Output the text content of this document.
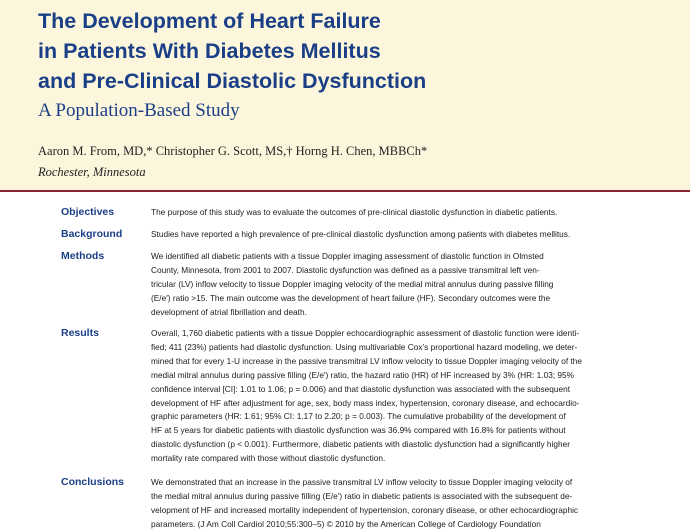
The Development of Heart Failure
in Patients With Diabetes Mellitus
and Pre-Clinical Diastolic Dysfunction
A Population-Based Study
Aaron M. From, MD,* Christopher G. Scott, MS,† Horng H. Chen, MBBCh*
Rochester, Minnesota
Objectives	The purpose of this study was to evaluate the outcomes of pre-clinical diastolic dysfunction in diabetic patients.
Background	Studies have reported a high prevalence of pre-clinical diastolic dysfunction among patients with diabetes mellitus.
Methods	We identified all diabetic patients with a tissue Doppler imaging assessment of diastolic function in Olmsted
County, Minnesota, from 2001 to 2007. Diastolic dysfunction was defined as a passive transmitral left ven-
tricular (LV) inflow velocity to tissue Doppler imaging velocity of the medial mitral annulus during passive filling
(E/e′) ratio >15. The main outcome was the development of heart failure (HF). Secondary outcomes were the
development of atrial fibrillation and death.
Results	Overall, 1,760 diabetic patients with a tissue Doppler echocardiographic assessment of diastolic function were identi-
fied; 411 (23%) patients had diastolic dysfunction. Using multivariable Cox’s proportional hazard modeling, we deter-
mined that for every 1-U increase in the passive transmitral LV inflow velocity to tissue Doppler imaging velocity of the
medial mitral annulus during passive filling (E/e′) ratio, the hazard ratio (HR) of HF increased by 3% (HR: 1.03; 95%
confidence interval [CI]: 1.01 to 1.06; p = 0.006) and that diastolic dysfunction was associated with the subsequent
development of HF after adjustment for age, sex, body mass index, hypertension, coronary disease, and echocardio-
graphic parameters (HR: 1.61; 95% CI: 1.17 to 2.20; p = 0.003). The cumulative probability of the development of
HF at 5 years for diabetic patients with diastolic dysfunction was 36.9% compared with 16.8% for patients without
diastolic dysfunction (p < 0.001). Furthermore, diabetic patients with diastolic dysfunction had a significantly higher
mortality rate compared with those without diastolic dysfunction.
Conclusions	We demonstrated that an increase in the passive transmitral LV inflow velocity to tissue Doppler imaging velocity of
the medial mitral annulus during passive filling (E/e′) ratio in diabetic patients is associated with the subsequent de-
velopment of HF and increased mortality independent of hypertension, coronary disease, or other echocardiographic
parameters. (J Am Coll Cardiol 2010;55:300–5) © 2010 by the American College of Cardiology Foundation
